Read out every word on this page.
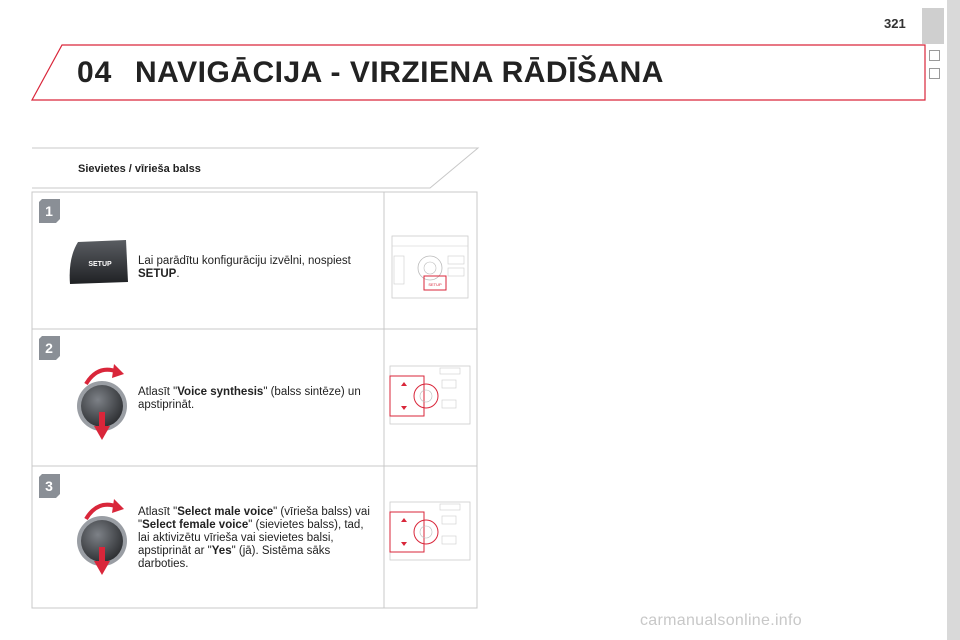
321
04 NAVIGĀCIJA - VIRZIENA RĀDĪŠANA
Sievietes / vīrieša balss
1
2
3
SETUP Lai parādītu konfigurāciju izvēlni, nospiest SETUP.
SETUP
Atlasīt "Voice synthesis" (balss sintēze) un apstiprināt.
Atlasīt "Select male voice" (vīrieša balss) vai "Select female voice" (sievietes balss), tad, lai aktivizētu vīrieša vai sievietes balsi, apstiprināt ar "Yes" (jā). Sistēma sāks darboties.
carmanualsonline.info
